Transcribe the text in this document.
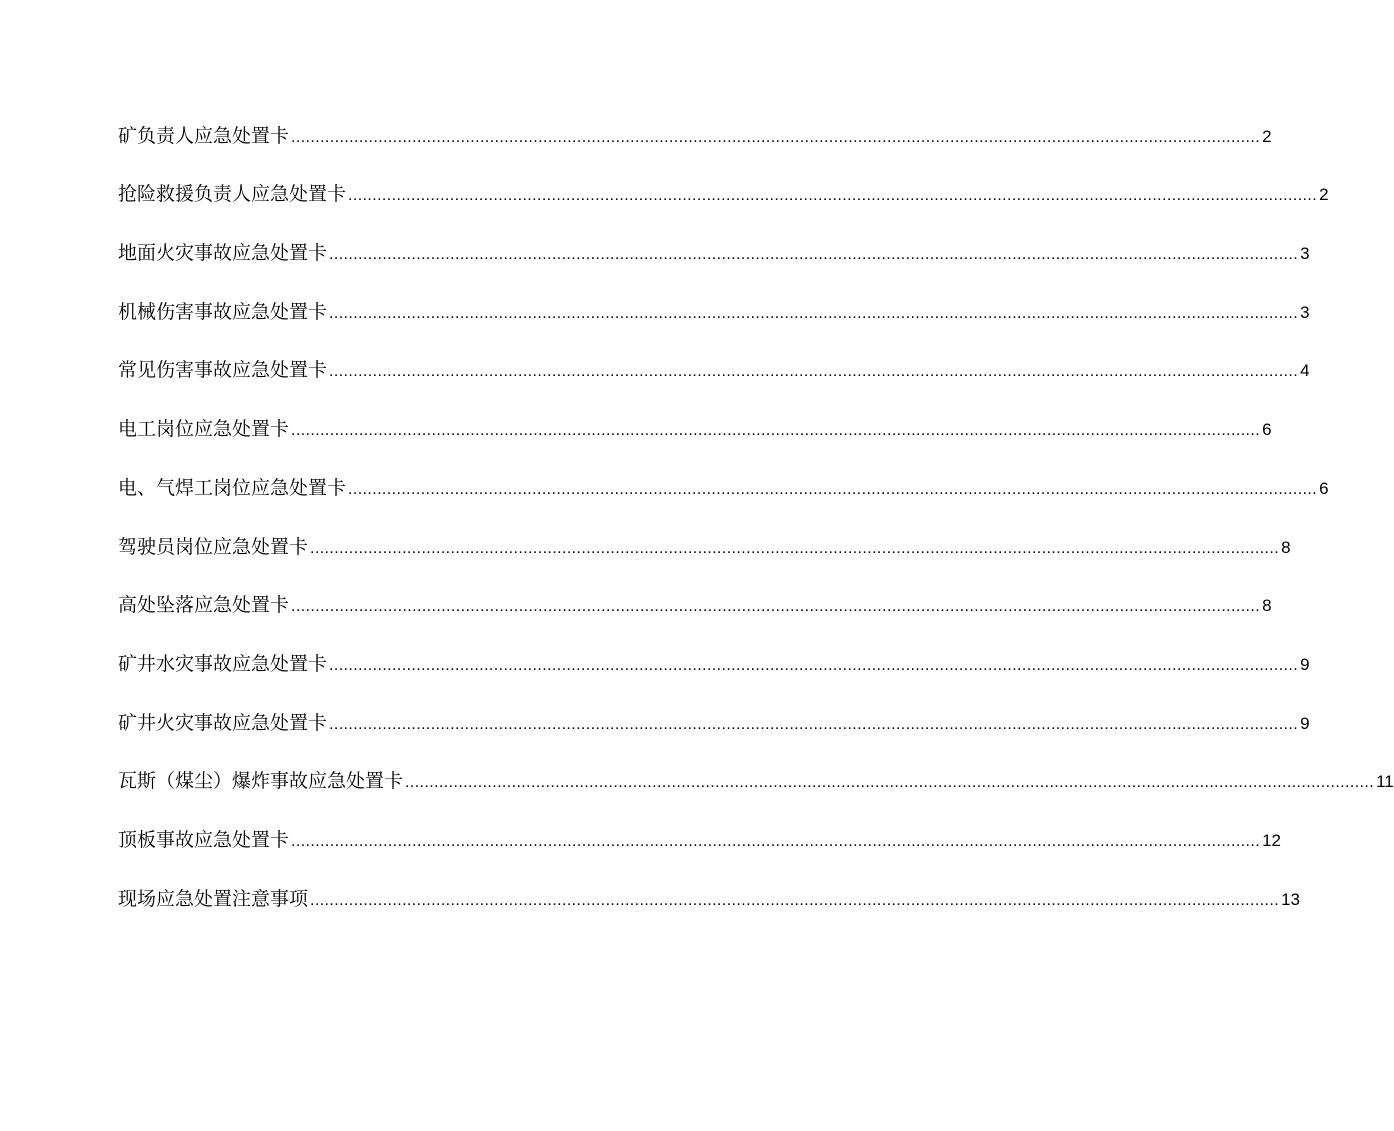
矿负责人应急处置卡 ........................................................................................................................................................................................................ 2
抢险救援负责人应急处置卡 ........................................................................................................................................................................................................ 2
地面火灾事故应急处置卡 ........................................................................................................................................................................................................ 3
机械伤害事故应急处置卡 ........................................................................................................................................................................................................ 3
常见伤害事故应急处置卡 ........................................................................................................................................................................................................ 4
电工岗位应急处置卡 ........................................................................................................................................................................................................ 6
电、气焊工岗位应急处置卡 ........................................................................................................................................................................................................ 6
驾驶员岗位应急处置卡 ........................................................................................................................................................................................................ 8
高处坠落应急处置卡 ........................................................................................................................................................................................................ 8
矿井水灾事故应急处置卡 ........................................................................................................................................................................................................ 9
矿井火灾事故应急处置卡 ........................................................................................................................................................................................................ 9
瓦斯（煤尘）爆炸事故应急处置卡 ........................................................................................................................................................................................................ 11
顶板事故应急处置卡 ........................................................................................................................................................................................................ 12
现场应急处置注意事项 ........................................................................................................................................................................................................ 13
